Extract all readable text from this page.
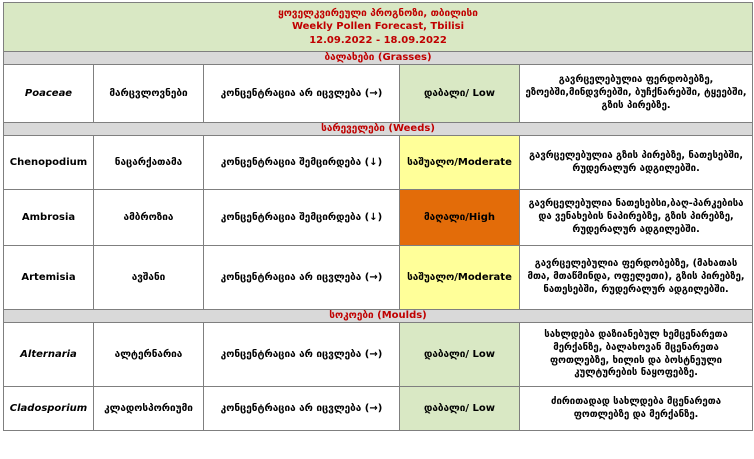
ყოველკვირეული პროგნოზი, თბილისი
Weekly Pollen Forecast, Tbilisi
12.09.2022 - 18.09.2022				

ბალახები (Grasses)				
Poaceae	მარცვლოვნები	კონცენტრაცია არ იცვლება (→)	დაბალი/ Low	გავრცელებულია ფერდობებზე, ეზოებში,მინდვრებში, ბუჩქნარებში, ტყეებში, გზის პირებზე.
სარეველები (Weeds)				
Chenopodium	ნაცარქათამა	კონცენტრაცია შემცირდება (↓)	საშუალო/Moderate	გავრცელებულია გზის პირებზე, ნათესებში, რუდერალურ ადგილებში.
Ambrosia	ამბროზია	კონცენტრაცია შემცირდება (↓)	მაღალი/High	გავრცელებულია ნათესებსი,ბაღ-პარკებისა და ვენახების ნაპირებზე, გზის პირებზე, რუდერალურ ადგილებში.
Artemisia	ავშანი	კონცენტრაცია არ იცვლება (→)	საშუალო/Moderate	გავრცელებულია ფერდობებზე, (მახათას მთა, მთაწმინდა, ოფელეთი), გზის პირებზე, ნათესებში, რუდერალურ ადგილებში.
სოკოები (Moulds)				
Alternaria	ალტერნარია	კონცენტრაცია არ იცვლება (→)	დაბალი/ Low	სახლდება დაზიანებულ ხემცენარეთა მერქანზე, ბალახოვან მცენარეთა ფოთლებზე, ხილის და ბოსტნეული კულტურების ნაყოფებზე.
Cladosporium	კლადოსპორიუმი	კონცენტრაცია არ იცვლება (→)	დაბალი/ Low	ძირითადად სახლდება მცენარეთა ფოთლებზე და მერქანზე.
